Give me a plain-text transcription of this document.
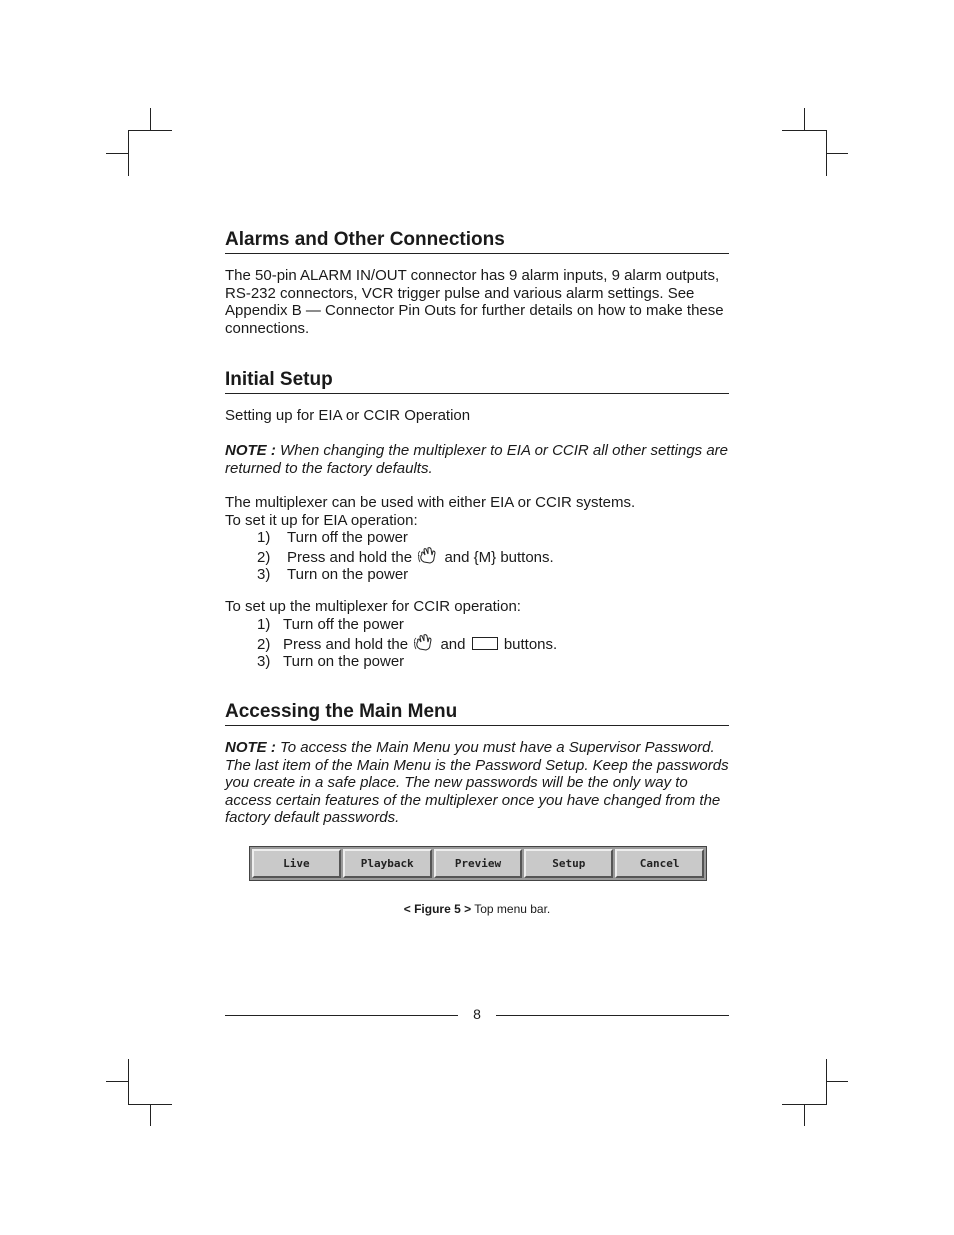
Alarms and Other Connections

The 50-pin ALARM IN/OUT connector has 9 alarm inputs, 9 alarm outputs, RS-232 connectors, VCR trigger pulse and various alarm settings. See Appendix B — Connector Pin Outs for further details on how to make these connections.

Initial Setup

Setting up for EIA or CCIR Operation

NOTE : When changing the multiplexer to EIA or CCIR all other settings are returned to the factory defaults.

The multiplexer can be used with either EIA or CCIR systems.
To set it up for EIA operation:

1) Turn off the power
2) Press and hold the and {M} buttons.
3) Turn on the power

To set up the multiplexer for CCIR operation:

1) Turn off the power
2) Press and hold the and	buttons.
3) Turn on the power
Accessing the Main Menu

NOTE : To access the Main Menu you must have a Supervisor Password. The last item of the Main Menu is the Password Setup. Keep the passwords you create in a safe place. The new passwords will be the only way to access certain features of the multiplexer once you have changed from the factory default passwords.

Live	Playback	Preview	Setup	Cancel
< Figure 5 > Top menu bar.
8
